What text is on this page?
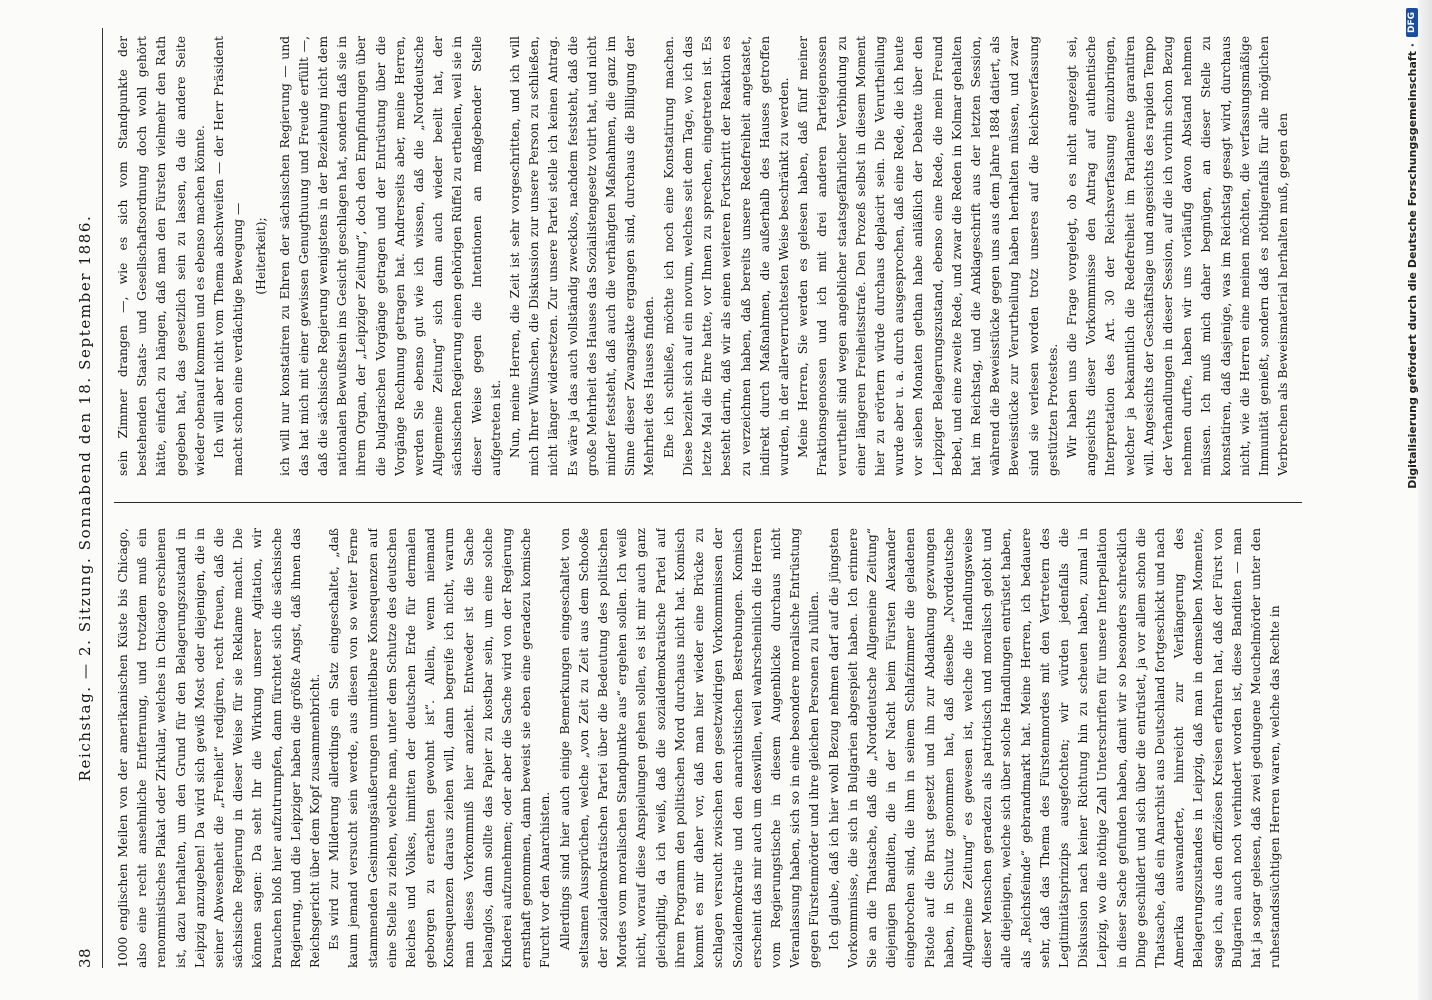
38
Reichstag. — 2. Sitzung. Sonnabend den 18. September 1886. 1000 englischen Meilen von der amerikanischen Küste bis Chicago, also eine recht ansehnliche Entfernung, und trotzdem muß ein renommistisches Plakat oder Zirkular, welches in Chicago erschienen ist, dazu herhalten, um den Grund für den Belagerungszustand in Leipzig anzugeben! Da wird sich gewiß Most oder diejenigen, die in seiner Abwesenheit die „Freiheit“ redigiren, recht freuen, daß die sächsische Regierung in dieser Weise für sie Reklame macht. Die können sagen: Da seht Ihr die Wirkung unserer Agitation, wir brauchen bloß hier aufzutrumpfen, dann fürchtet sich die sächsische Regierung, und die Leipziger haben die größte Angst, daß ihnen das Reichsgericht über dem Kopf zusammenbricht. Es wird zur Milderung allerdings ein Satz eingeschaltet, „daß kaum jemand versucht sein werde, aus diesen von so weiter Ferne stammenden Gesinnungsäußerungen unmittelbare Konsequenzen auf eine Stelle zu ziehen, welche man, unter dem Schutze des deutschen Reiches und Volkes, inmitten der deutschen Erde für dermalen geborgen zu erachten gewohnt ist“. Allein, wenn niemand Konsequenzen daraus ziehen will, dann begreife ich nicht, warum man dieses Vorkommniß hier anzieht. Entweder ist die Sache belanglos, dann sollte das Papier zu kostbar sein, um eine solche Kinderei aufzunehmen; oder aber die Sache wird von der Regierung ernsthaft genommen, dann beweist sie eben eine geradezu komische Furcht vor den Anarchisten. Allerdings sind hier auch einige Bemerkungen eingeschaltet von seltsamen Aussprüchen, welche „von Zeit zu Zeit aus dem Schooße der sozialdemokratischen Partei über die Bedeutung des politischen Mordes vom moralischen Standpunkte aus“ ergehen sollen. Ich weiß nicht, worauf diese Anspielungen gehen sollen, es ist mir auch ganz gleichgiltig, da ich weiß, daß die sozialdemokratische Partei auf ihrem Programm den politischen Mord durchaus nicht hat. Komisch kommt es mir daher vor, daß man hier wieder eine Brücke zu schlagen versucht zwischen den gesetzwidrigen Vorkommnissen der Sozialdemokratie und den anarchistischen Bestrebungen. Komisch erscheint das mir auch um deswillen, weil wahrscheinlich die Herren vom Regierungstische in diesem Augenblicke durchaus nicht Veranlassung haben, sich so in eine besondere moralische Entrüstung gegen Fürstenmörder und ihre gleichen Personen zu hüllen. Ich glaube, daß ich hier wohl Bezug nehmen darf auf die jüngsten Vorkommnisse, die sich in Bulgarien abgespielt haben. Ich erinnere Sie an die Thatsache, daß die „Norddeutsche Allgemeine Zeitung“ diejenigen Banditen, die in der Nacht beim Fürsten Alexander eingebrochen sind, die ihm in seinem Schlafzimmer die geladenen Pistole auf die Brust gesetzt und ihn zur Abdankung gezwungen haben, in Schutz genommen hat, daß dieselbe „Norddeutsche Allgemeine Zeitung“ es gewesen ist, welche die Handlungsweise dieser Menschen geradezu als patriotisch und moralisch gelobt und alle diejenigen, welche sich über solche Handlungen entrüstet haben, als „Reichsfeinde“ gebrandmarkt hat. Meine Herren, ich bedauere sehr, daß das Thema des Fürstenmordes mit den Vertretern des Legitimitätsprinzips ausgefochten; wir würden jedenfalls die Diskussion nach keiner Richtung hin zu scheuen haben, zumal in Leipzig, wo die nöthige Zahl Unterschriften für unsere Interpellation in dieser Sache gefunden haben, damit wir so besonders schrecklich Dinge geschildert und sich über die entrüstet, ja vor allem schon die Thatsache, daß ein Anarchist aus Deutschland fortgeschickt und nach Amerika auswanderte, hinreicht zur Verlängerung des Belagerungszustandes in Leipzig, daß man in demselben Momente, sage ich, aus den offiziösen Kreisen erfahren hat, daß der Fürst von Bulgarien auch noch verhindert worden ist, diese Banditen — man hat ja sogar gelesen, daß zwei gedungene Meuchelmörder unter den ruhestandssüchtigen Herren waren, welche das Rechte in

sein Zimmer drangen —, wie es sich vom Standpunkte der bestehenden Staats- und Gesellschaftsordnung doch wohl gehört hätte, einfach zu hängen, daß man den Fürsten vielmehr den Rath gegeben hat, das gesetzlich sein zu lassen, da die andere Seite wieder obenauf kommen und es ebenso machen könnte. Ich will aber nicht vom Thema abschweifen — der Herr Präsident macht schon eine verdächtige Bewegung — (Heiterkeit); ich will nur konstatiren zu Ehren der sächsischen Regierung — und das hat mich mit einer gewissen Genugthuung und Freude erfüllt —, daß die sächsische Regierung wenigstens in der Beziehung nicht dem nationalen Bewußtsein ins Gesicht geschlagen hat, sondern daß sie in ihrem Organ, der „Leipziger Zeitung“, doch den Empfindungen über die bulgarischen Vorgänge getragen und der Entrüstung über die Vorgänge Rechnung getragen hat. Andrerseits aber, meine Herren, werden Sie ebenso gut wie ich wissen, daß die „Norddeutsche Allgemeine Zeitung“ sich dann auch wieder beeilt hat, der sächsischen Regierung einen gehörigen Rüffel zu ertheilen, weil sie in dieser Weise gegen die Intentionen an maßgebender Stelle aufgetreten ist. Nun, meine Herren, die Zeit ist sehr vorgeschritten, und ich will mich Ihrer Wünschen, die Diskussion zur unsere Person zu schließen, nicht länger widersetzen. Zur unsere Partei stelle ich keinen Antrag. Es wäre ja das auch vollständig zwecklos, nachdem feststeht, daß die große Mehrheit des Hauses das Sozialistengesetz votirt hat, und nicht minder feststeht, daß auch die verhängten Maßnahmen, die ganz im Sinne dieser Zwangsakte ergangen sind, durchaus die Billigung der Mehrheit des Hauses finden. Ehe ich schließe, möchte ich noch eine Konstatirung machen. Diese bezieht sich auf ein novum, welches seit dem Tage, wo ich das letzte Mal die Ehre hatte, vor Ihnen zu sprechen, eingetreten ist. Es besteht darin, daß wir als einen weiteren Fortschritt der Reaktion es zu verzeichnen haben, daß bereits unsere Redefreiheit angetastet, indirekt durch Maßnahmen, die außerhalb des Hauses getroffen wurden, in der allerverruchtesten Weise beschränkt zu werden. Meine Herren, Sie werden es gelesen haben, daß fünf meiner Fraktionsgenossen und ich mit drei anderen Parteigenossen verurtheilt sind wegen angeblicher staatsgefährlicher Verbindung zu einer längeren Freiheitsstrafe. Den Prozeß selbst in diesem Moment hier zu erörtern würde durchaus deplacirt sein. Die Verurtheilung wurde aber u. a. durch ausgesprochen, daß eine Rede, die ich heute vor sieben Monaten gethan habe anläßlich der Debatte über den Leipziger Belagerungszustand, ebenso eine Rede, die mein Freund Bebel, und eine zweite Rede, und zwar die Reden in Kolmar gehalten hat im Reichstag, und die Anklageschrift aus der letzten Session, während die Beweisstücke gegen uns aus dem Jahre 1884 datiert, als Beweisstücke zur Verurtheilung haben herhalten müssen, und zwar sind sie verlesen worden trotz unseres auf die Reichsverfassung gestützten Protestes. Wir haben uns die Frage vorgelegt, ob es nicht angezeigt sei, angesichts dieser Vorkommnisse den Antrag auf authentische Interpretation des Art. 30 der Reichsverfassung einzubringen, welcher ja bekanntlich die Redefreiheit im Parlamente garantiren will. Angesichts der Geschäftslage und angesichts des rapiden Tempo der Verhandlungen in dieser Session, auf die ich vorhin schon Bezug nehmen durfte, haben wir uns vorläufig davon Abstand nehmen müssen. Ich muß mich daher begnügen, an dieser Stelle zu konstatiren, daß dasjenige, was im Reichstag gesagt wird, durchaus nicht, wie die Herren eine meinen möchten, die verfassungsmäßige Immunität genießt, sondern daß es nöthigenfalls für alle möglichen Verbrechen als Beweismaterial herhalten muß, gegen den	Digitalisierung gefördert durch die Deutsche Forschungsgemeinschaft ·
DFG
